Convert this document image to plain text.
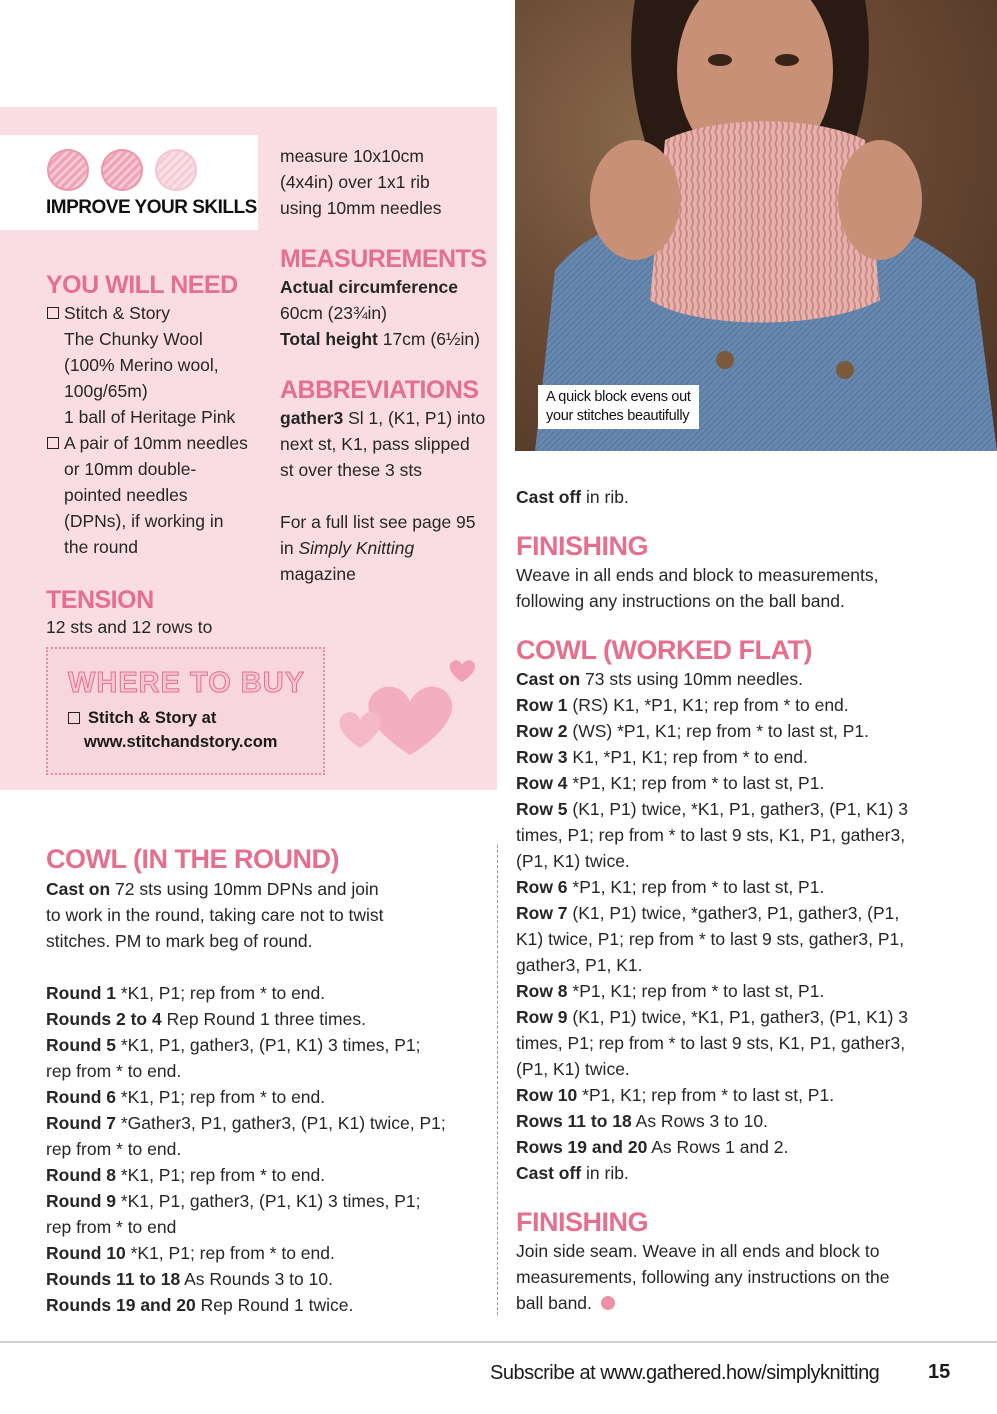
IMPROVE YOUR SKILLS

measure 10x10cm

(4x4in) over 1x1 rib

using 10mm needles

YOU WILL NEED

Stitch & Story

The Chunky Wool

(100% Merino wool,

100g/65m)

1 ball of Heritage Pink

A pair of 10mm needles

or 10mm double-

pointed needles

(DPNs), if working in

the round

TENSION
12 sts and 12 rows to
MEASUREMENTS

Actual circumference

60cm (23¾in)

Total height 17cm (6½in)

ABBREVIATIONS

gather3 Sl 1, (K1, P1) into

next st, K1, pass slipped

st over these 3 sts

For a full list see page 95

in Simply Knitting

magazine

WHERE TO BUY

Stitch & Story at

www.stitchandstory.com

A quick block evens out

your stitches beautifully

COWL (IN THE ROUND)

Cast on 72 sts using 10mm DPNs and join

to work in the round, taking care not to twist

stitches. PM to mark beg of round.

Round 1 *K1, P1; rep from * to end.

Rounds 2 to 4 Rep Round 1 three times.

Round 5 *K1, P1, gather3, (P1, K1) 3 times, P1;

rep from * to end.

Round 6 *K1, P1; rep from * to end.

Round 7 *Gather3, P1, gather3, (P1, K1) twice, P1;

rep from * to end.

Round 8 *K1, P1; rep from * to end.

Round 9 *K1, P1, gather3, (P1, K1) 3 times, P1;

rep from * to end

Round 10 *K1, P1; rep from * to end.

Rounds 11 to 18 As Rounds 3 to 10.

Rounds 19 and 20 Rep Round 1 twice.

Cast off in rib.

FINISHING

Weave in all ends and block to measurements,

following any instructions on the ball band.

COWL (WORKED FLAT)

Cast on 73 sts using 10mm needles.

Row 1 (RS) K1, *P1, K1; rep from * to end.

Row 2 (WS) *P1, K1; rep from * to last st, P1.

Row 3 K1, *P1, K1; rep from * to end.

Row 4 *P1, K1; rep from * to last st, P1.

Row 5 (K1, P1) twice, *K1, P1, gather3, (P1, K1) 3

times, P1; rep from * to last 9 sts, K1, P1, gather3,

(P1, K1) twice.

Row 6 *P1, K1; rep from * to last st, P1.

Row 7 (K1, P1) twice, *gather3, P1, gather3, (P1,

K1) twice, P1; rep from * to last 9 sts, gather3, P1,

gather3, P1, K1.

Row 8 *P1, K1; rep from * to last st, P1.

Row 9 (K1, P1) twice, *K1, P1, gather3, (P1, K1) 3

times, P1; rep from * to last 9 sts, K1, P1, gather3,

(P1, K1) twice.

Row 10 *P1, K1; rep from * to last st, P1.

Rows 11 to 18 As Rows 3 to 10.

Rows 19 and 20 As Rows 1 and 2.

Cast off in rib.

FINISHING

Join side seam. Weave in all ends and block to

measurements, following any instructions on the

ball band.

Subscribe at www.gathered.how/simplyknitting 15
